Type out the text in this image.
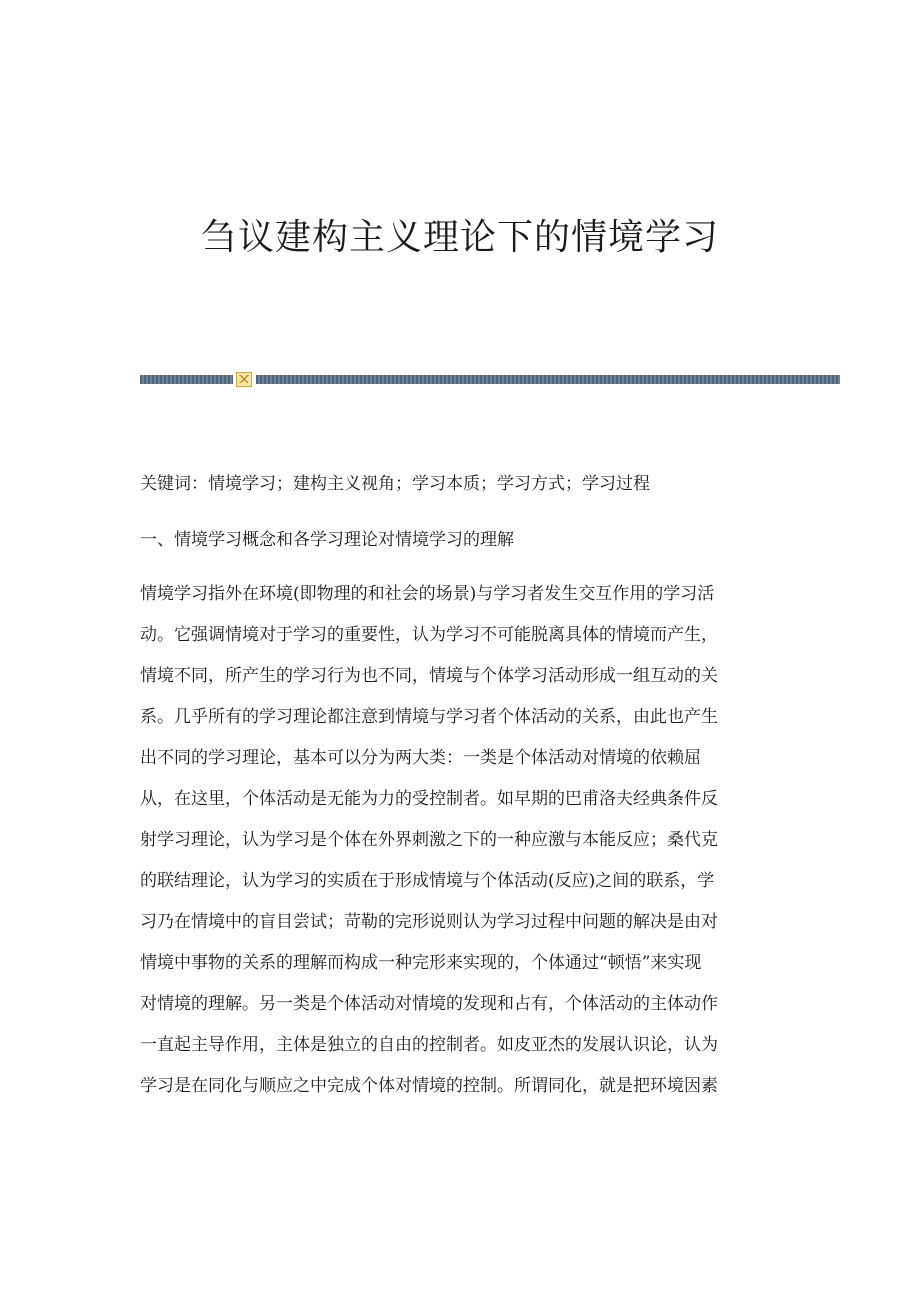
刍议建构主义理论下的情境学习

关键词：情境学习；建构主义视角；学习本质；学习方式；学习过程

一、情境学习概念和各学习理论对情境学习的理解
情境学习指外在环境(即物理的和社会的场景)与学习者发生交互作用的学习活
动。它强调情境对于学习的重要性，认为学习不可能脱离具体的情境而产生，
情境不同，所产生的学习行为也不同，情境与个体学习活动形成一组互动的关
系。几乎所有的学习理论都注意到情境与学习者个体活动的关系，由此也产生
出不同的学习理论，基本可以分为两大类：一类是个体活动对情境的依赖屈
从，在这里，个体活动是无能为力的受控制者。如早期的巴甫洛夫经典条件反
射学习理论，认为学习是个体在外界刺激之下的一种应激与本能反应；桑代克
的联结理论，认为学习的实质在于形成情境与个体活动(反应)之间的联系，学
习乃在情境中的盲目尝试；苛勒的完形说则认为学习过程中问题的解决是由对
情境中事物的关系的理解而构成一种完形来实现的，个体通过“顿悟”来实现
对情境的理解。另一类是个体活动对情境的发现和占有，个体活动的主体动作
一直起主导作用，主体是独立的自由的控制者。如皮亚杰的发展认识论，认为
学习是在同化与顺应之中完成个体对情境的控制。所谓同化，就是把环境因素
